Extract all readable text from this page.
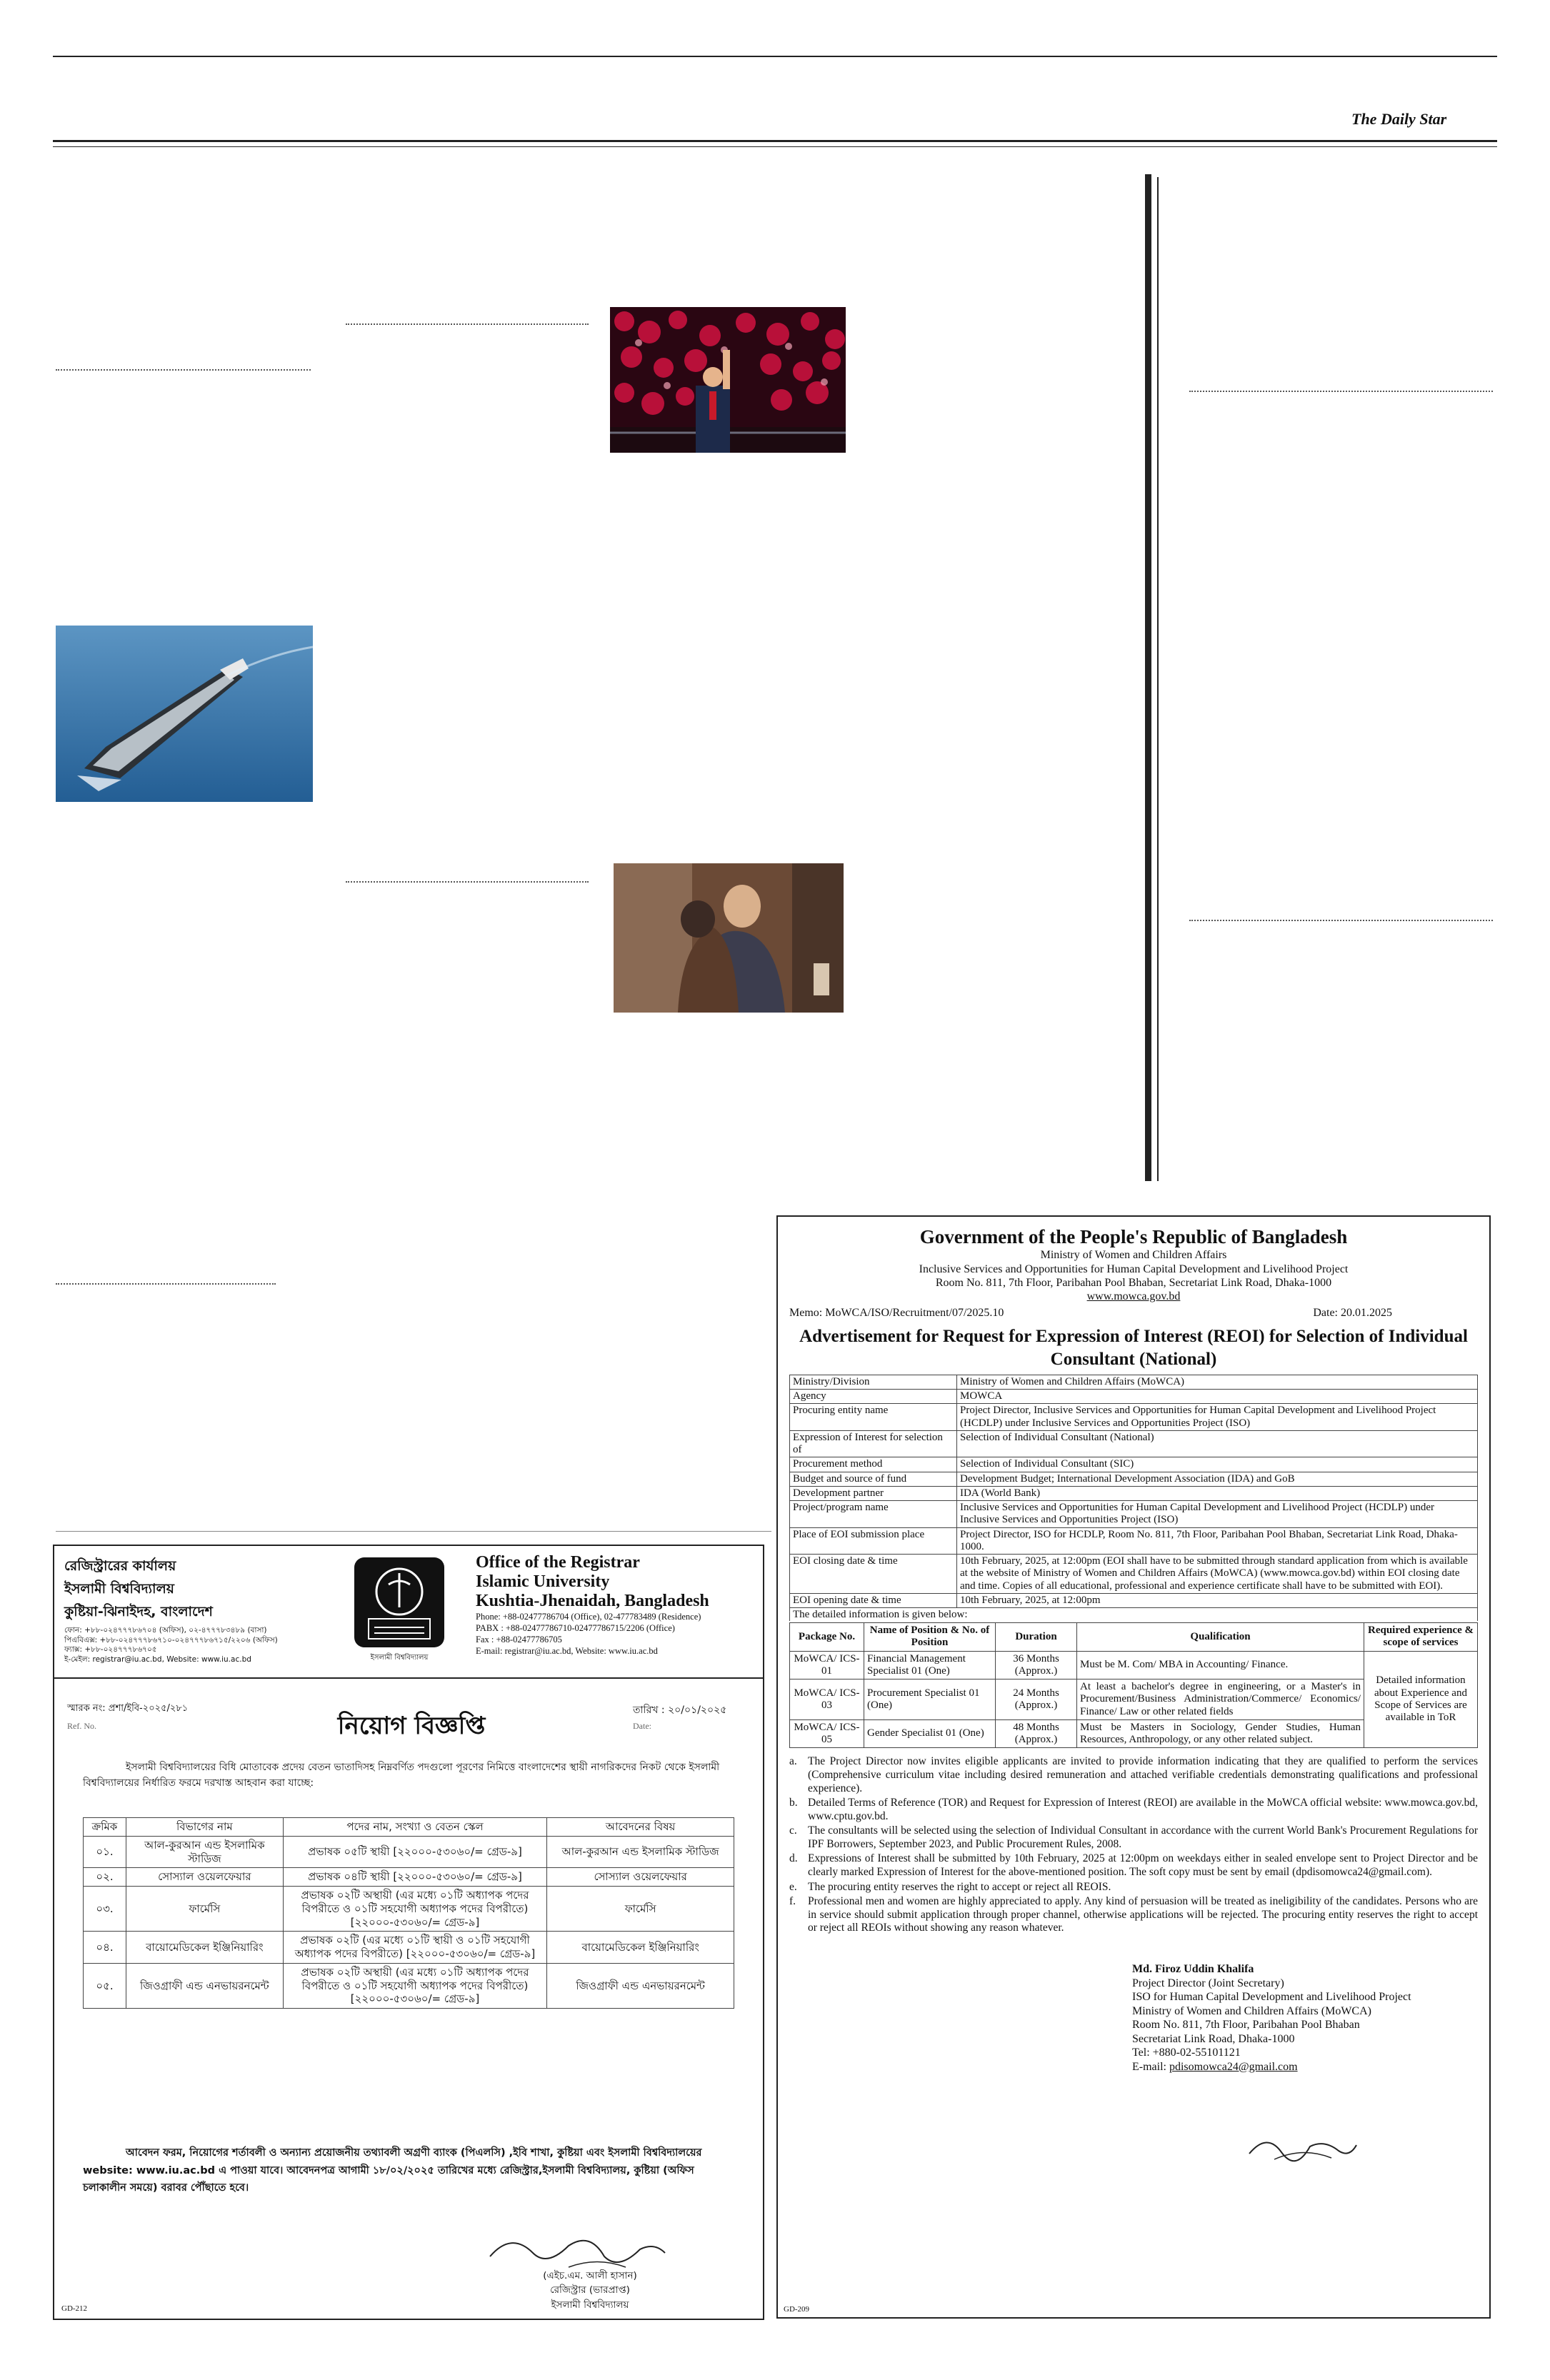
The Daily Star
Government of the People's Republic of Bangladesh
Ministry of Women and Children Affairs
Inclusive Services and Opportunities for Human Capital Development and Livelihood Project
Room No. 811, 7th Floor, Paribahan Pool Bhaban, Secretariat Link Road, Dhaka-1000
www.mowca.gov.bd
Memo: MoWCA/ISO/Recruitment/07/2025.10	Date: 20.01.2025
Advertisement for Request for Expression of Interest (REOI) for Selection of Individual Consultant (National)
Ministry/Division	Ministry of Women and Children Affairs (MoWCA)
Agency	MOWCA
Procuring entity name	Project Director, Inclusive Services and Opportunities for Human Capital Development and Livelihood Project (HCDLP) under Inclusive Services and Opportunities Project (ISO)
Expression of Interest for selection of	Selection of Individual Consultant (National)
Procurement method	Selection of Individual Consultant (SIC)
Budget and source of fund	Development Budget; International Development Association (IDA) and GoB
Development partner	IDA (World Bank)
Project/program name	Inclusive Services and Opportunities for Human Capital Development and Livelihood Project (HCDLP) under Inclusive Services and Opportunities Project (ISO)
Place of EOI submission place	Project Director, ISO for HCDLP, Room No. 811, 7th Floor, Paribahan Pool Bhaban, Secretariat Link Road, Dhaka-1000.
EOI closing date & time	10th February, 2025, at 12:00pm (EOI shall have to be submitted through standard application from which is available at the website of Ministry of Women and Children Affairs (MoWCA) (www.mowca.gov.bd) within EOI closing date and time. Copies of all educational, professional and experience certificate shall have to be submitted with EOI).
EOI opening date & time	10th February, 2025, at 12:00pm
The detailed information is given below:
Package No.	Name of Position & No. of Position	Duration	Qualification	Required experience & scope of services
MoWCA/ ICS- 01	Financial Management Specialist 01 (One)	36 Months (Approx.)	Must be M. Com/ MBA in Accounting/ Finance.	Detailed information about Experience and Scope of Services are available in ToR
MoWCA/ ICS- 03	Procurement Specialist 01 (One)	24 Months (Approx.)	At least a bachelor's degree in engineering, or a Master's in Procurement/Business Administration/Commerce/ Economics/ Finance/ Law or other related fields	
MoWCA/ ICS- 05	Gender Specialist 01 (One)	48 Months (Approx.)	Must be Masters in Sociology, Gender Studies, Human Resources, Anthropology, or any other related subject.	
a. The Project Director now invites eligible applicants are invited to provide information indicating that they are qualified to perform the services (Comprehensive curriculum vitae including desired remuneration and attached verifiable credentials demonstrating qualifications and professional experience).
b. Detailed Terms of Reference (TOR) and Request for Expression of Interest (REOI) are available in the MoWCA official website: www.mowca.gov.bd, www.cptu.gov.bd.
c. The consultants will be selected using the selection of Individual Consultant in accordance with the current World Bank's Procurement Regulations for IPF Borrowers, September 2023, and Public Procurement Rules, 2008.
d. Expressions of Interest shall be submitted by 10th February, 2025 at 12:00pm on weekdays either in sealed envelope sent to Project Director and be clearly marked Expression of Interest for the above-mentioned position. The soft copy must be sent by email (dpdisomowca24@gmail.com).
e. The procuring entity reserves the right to accept or reject all REOIS.
f.	Professional men and women are highly appreciated to apply. Any kind of persuasion will be treated as ineligibility of the candidates. Persons who are in service should submit application through proper channel, otherwise applications will be rejected. The procuring entity reserves the right to accept or reject all REOIs without showing any reason whatever.
Md. Firoz Uddin Khalifa
Project Director (Joint Secretary)
ISO for Human Capital Development and Livelihood Project
Ministry of Women and Children Affairs (MoWCA)
Room No. 811, 7th Floor, Paribahan Pool Bhaban
Secretariat Link Road, Dhaka-1000
Tel: +880-02-55101121
E-mail: pdisomowca24@gmail.com
GD-209
রেজিস্ট্রারের কার্যালয়
ইসলামী বিশ্ববিদ্যালয়
কুষ্টিয়া-ঝিনাইদহ, বাংলাদেশ
ফোন: +৮৮-০২৪৭৭৭৮৬৭০৪ (অফিস), ০২-৪৭৭৭৮৩৪৮৯ (বাসা)
পিএবিএক্স: +৮৮-০২৪৭৭৭৮৬৭১০-০২৪৭৭৭৮৬৭১৫/২২০৬ (অফিস)
ফ্যাক্স: +৮৮-০২৪৭৭৭৮৬৭০৫
ই-মেইল: registrar@iu.ac.bd, Website: www.iu.ac.bd	ইসলামী বিশ্ববিদ্যালয়
Office of the Registrar
Islamic University
Kushtia-Jhenaidah, Bangladesh
Phone: +88-02477786704 (Office), 02-477783489 (Residence)
PABX : +88-02477786710-02477786715/2206 (Office)
Fax : +88-02477786705
E-mail: registrar@iu.ac.bd, Website: www.iu.ac.bd
স্মারক নং: প্রশা/ইবি-২০২৫/২৮১
Ref. No.
তারিখ : ২০/০১/২০২৫
Date:
নিয়োগ বিজ্ঞপ্তি
ইসলামী বিশ্ববিদ্যালয়ের বিধি মোতাবেক প্রদেয় বেতন ভাতাদিসহ নিম্নবর্ণিত পদগুলো পূরণের নিমিত্তে বাংলাদেশের স্থায়ী নাগরিকদের নিকট থেকে ইসলামী বিশ্ববিদ্যালয়ের নির্ধারিত ফরমে দরখাস্ত আহবান করা যাচ্ছে:
ক্রমিক	বিভাগের নাম	পদের নাম, সংখ্যা ও বেতন স্কেল	আবেদনের বিষয়
০১.	আল-কুরআন এন্ড ইসলামিক স্টাডিজ	প্রভাষক ০৫টি স্থায়ী [২২০০০-৫৩০৬০/= গ্রেড-৯]	আল-কুরআন এন্ড ইসলামিক স্টাডিজ
০২.	সোস্যাল ওয়েলফেয়ার	প্রভাষক ০৪টি স্থায়ী [২২০০০-৫৩০৬০/= গ্রেড-৯]	সোস্যাল ওয়েলফেয়ার
০৩.	ফার্মেসি	প্রভাষক ০২টি অস্থায়ী (এর মধ্যে ০১টি অধ্যাপক পদের বিপরীতে ও ০১টি সহযোগী অধ্যাপক পদের বিপরীতে) [২২০০০-৫৩০৬০/= গ্রেড-৯]	ফার্মেসি
০৪.	বায়োমেডিকেল ইঞ্জিনিয়ারিং	প্রভাষক ০২টি (এর মধ্যে ০১টি স্থায়ী ও ০১টি সহযোগী অধ্যাপক পদের বিপরীতে) [২২০০০-৫৩০৬০/= গ্রেড-৯]	বায়োমেডিকেল ইঞ্জিনিয়ারিং
০৫.	জিওগ্রাফী এন্ড এনভায়রনমেন্ট	প্রভাষক ০২টি অস্থায়ী (এর মধ্যে ০১টি অধ্যাপক পদের বিপরীতে ও ০১টি সহযোগী অধ্যাপক পদের বিপরীতে) [২২০০০-৫৩০৬০/= গ্রেড-৯]	জিওগ্রাফী এন্ড এনভায়রনমেন্ট
আবেদন ফরম, নিয়োগের শর্তাবলী ও অন্যান্য প্রয়োজনীয় তথ্যাবলী অগ্রণী ব্যাংক (পিএলসি) ,ইবি শাখা, কুষ্টিয়া এবং ইসলামী বিশ্ববিদ্যালয়ের website: www.iu.ac.bd এ পাওয়া যাবে। আবেদনপত্র আগামী ১৮/০২/২০২৫ তারিখের মধ্যে রেজিস্ট্রার,ইসলামী বিশ্ববিদ্যালয়, কুষ্টিয়া (অফিস চলাকালীন সময়ে) বরাবর পৌঁছাতে হবে।
(এইচ.এম. আলী হাসান)
রেজিস্ট্রার (ভারপ্রাপ্ত)
ইসলামী বিশ্ববিদ্যালয়
GD-212
